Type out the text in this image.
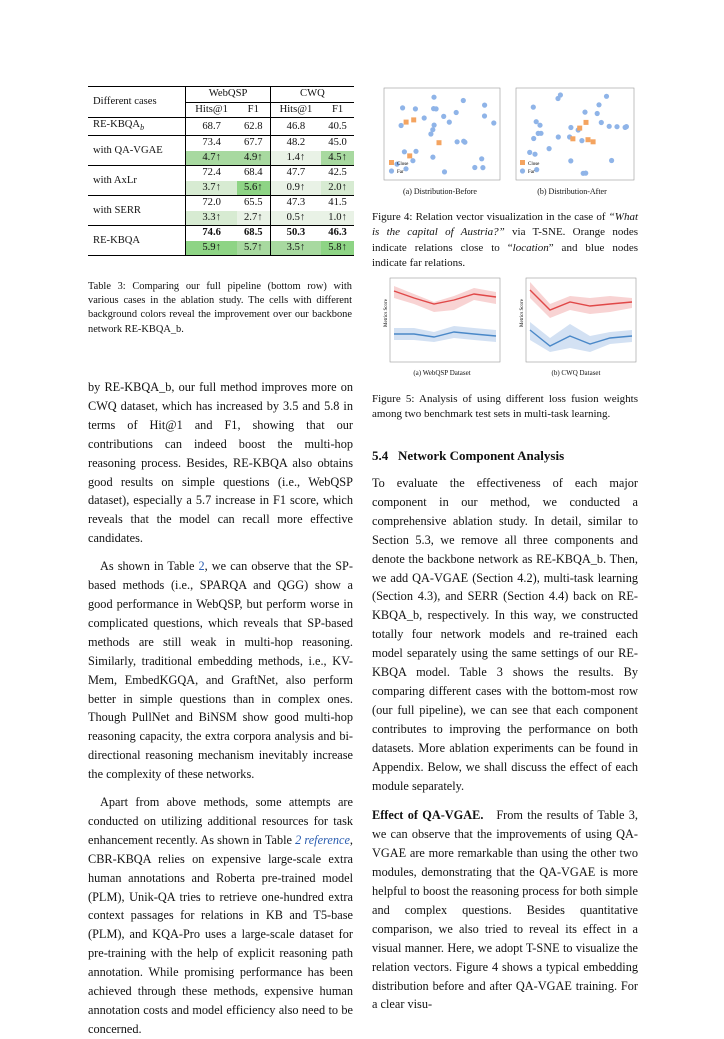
Different cases	WebQSP		CWQ	
	Hits@1	F1	Hits@1	F1
$RE-KBQA_b$	68.7	62.8	46.8	40.5
with QA-VGAE	73.4	67.7	48.2	45.0
	4.7↑	4.9↑	1.4↑	4.5↑
with AxLr	72.4	68.4	47.7	42.5
	3.7↑	5.6↑	0.9↑	2.0↑
with SERR	72.0	65.5	47.3	41.5
	3.3↑	2.7↑	0.5↑	1.0↑
RE-KBQA	74.6	68.5	50.3	46.3
	5.9↑	5.7↑	3.5↑	5.8↑
Table 3: Comparing our full pipeline (bottom row) with various cases in the ablation study. The cells with different background colors reveal the improvement over our backbone network RE-KBQA_b.

by RE-KBQA_b, our full method improves more on CWQ dataset, which has increased by 3.5 and 5.8 in terms of Hit@1 and F1, showing that our contributions can indeed boost the multi-hop reasoning process. Besides, RE-KBQA also obtains good results on simple questions (i.e., WebQSP dataset), especially a 5.7 increase in F1 score, which reveals that the model can recall more effective candidates.

As shown in Table 2, we can observe that the SP-based methods (i.e., SPARQA and QGG) show a good performance in WebQSP, but perform worse in complicated questions, which reveals that SP-based methods are still weak in multi-hop reasoning. Similarly, traditional embedding methods, i.e., KV-Mem, EmbedKGQA, and GraftNet, also perform better in simple questions than in complex ones. Though PullNet and BiNSM show good multi-hop reasoning capacity, the extra corpora analysis and bi-directional reasoning mechanism inevitably increase the complexity of these networks.

Apart from above methods, some attempts are conducted on utilizing additional resources for task enhancement recently. As shown in Table 2 reference, CBR-KBQA relies on expensive large-scale extra human annotations and Roberta pre-trained model (PLM), Unik-QA tries to retrieve one-hundred extra context passages for relations in KB and T5-base (PLM), and KQA-Pro uses a large-scale dataset for pre-training with the help of explicit reasoning path annotation. While promising performance has been achieved through these methods, expensive human annotation costs and model efficiency also need to be concerned.

Close
Far
(a) Distribution-Before
Close
Far
(b) Distribution-After
Figure 4: Relation vector visualization in the case of “What is the capital of Austria?” via T-SNE. Orange nodes indicate relations close to “location” and blue nodes indicate far relations.
Metrics Score
(a) WebQSP Dataset
Metrics Score
(b) CWQ Dataset
Figure 5: Analysis of using different loss fusion weights among two benchmark test sets in multi-task learning.
5.4   Network Component Analysis

To evaluate the effectiveness of each major component in our method, we conducted a comprehensive ablation study. In detail, similar to Section 5.3, we remove all three components and denote the backbone network as RE-KBQA_b. Then, we add QA-VGAE (Section 4.2), multi-task learning (Section 4.3), and SERR (Section 4.4) back on RE-KBQA_b, respectively. In this way, we constructed totally four network models and re-trained each model separately using the same settings of our RE-KBQA model. Table 3 shows the results. By comparing different cases with the bottom-most row (our full pipeline), we can see that each component contributes to improving the performance on both datasets. More ablation experiments can be found in Appendix. Below, we shall discuss the effect of each module separately.

Effect of QA-VGAE. From the results of Table 3, we can observe that the improvements of using QA-VGAE are more remarkable than using the other two modules, demonstrating that the QA-VGAE is more helpful to boost the reasoning process for both simple and complex questions. Besides quantitative comparison, we also tried to reveal its effect in a visual manner. Here, we adopt T-SNE to visualize the relation vectors. Figure 4 shows a typical embedding distribution before and after QA-VGAE training. For a clear visu-
